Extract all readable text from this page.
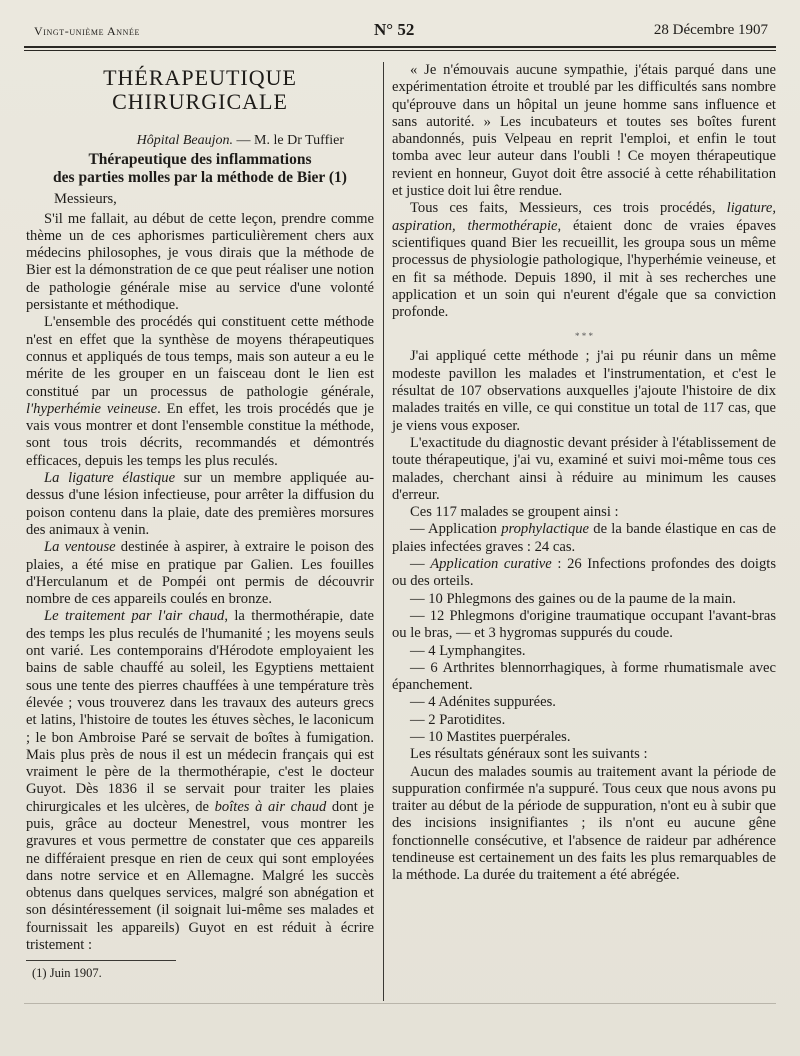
Vingt-unième Année	N° 52	28 Décembre 1907
THÉRAPEUTIQUE CHIRURGICALE
Hôpital Beaujon. — M. le Dr Tuffier
Thérapeutique des inflammations
des parties molles par la méthode de Bier (1)
Messieurs,

S'il me fallait, au début de cette leçon, prendre comme thème un de ces aphorismes particulièrement chers aux médecins philosophes, je vous dirais que la méthode de Bier est la démonstration de ce que peut réaliser une notion de pathologie générale mise au service d'une volonté persistante et méthodique.

L'ensemble des procédés qui constituent cette méthode n'est en effet que la synthèse de moyens thérapeutiques connus et appliqués de tous temps, mais son auteur a eu le mérite de les grouper en un faisceau dont le lien est constitué par un processus de pathologie générale, l'hyperhémie veineuse. En effet, les trois procédés que je vais vous montrer et dont l'ensemble constitue la méthode, sont tous trois décrits, recommandés et démontrés efficaces, depuis les temps les plus reculés.

La ligature élastique sur un membre appliquée au-dessus d'une lésion infectieuse, pour arrêter la diffusion du poison contenu dans la plaie, date des premières morsures des animaux à venin.

La ventouse destinée à aspirer, à extraire le poison des plaies, a été mise en pratique par Galien. Les fouilles d'Herculanum et de Pompéi ont permis de découvrir nombre de ces appareils coulés en bronze.

Le traitement par l'air chaud, la thermothérapie, date des temps les plus reculés de l'humanité ; les moyens seuls ont varié. Les contemporains d'Hérodote employaient les bains de sable chauffé au soleil, les Egyptiens mettaient sous une tente des pierres chauffées à une température très élevée ; vous trouverez dans les travaux des auteurs grecs et latins, l'histoire de toutes les étuves sèches, le laconicum ; le bon Ambroise Paré se servait de boîtes à fumigation. Mais plus près de nous il est un médecin français qui est vraiment le père de la thermothérapie, c'est le docteur Guyot. Dès 1836 il se servait pour traiter les plaies chirurgicales et les ulcères, de boîtes à air chaud dont je puis, grâce au docteur Menestrel, vous montrer les gravures et vous permettre de constater que ces appareils ne différaient presque en rien de ceux qui sont employées dans notre service et en Allemagne. Malgré les succès obtenus dans quelques services, malgré son abnégation et son désintéressement (il soignait lui-même ses malades et fournissait les appareils) Guyot en est réduit à écrire tristement :

(1) Juin 1907.

« Je n'émouvais aucune sympathie, j'étais parqué dans une expérimentation étroite et troublé par les difficultés sans nombre qu'éprouve dans un hôpital un jeune homme sans influence et sans autorité. » Les incubateurs et toutes ses boîtes furent abandonnés, puis Velpeau en reprit l'emploi, et enfin le tout tomba avec leur auteur dans l'oubli ! Ce moyen thérapeutique revient en honneur, Guyot doit être associé à cette réhabilitation et justice doit lui être rendue.

Tous ces faits, Messieurs, ces trois procédés, ligature, aspiration, thermothérapie, étaient donc de vraies épaves scientifiques quand Bier les recueillit, les groupa sous un même processus de physiologie pathologique, l'hyperhémie veineuse, et en fit sa méthode. Depuis 1890, il mit à ses recherches une application et un soin qui n'eurent d'égale que sa conviction profonde.

* * *

J'ai appliqué cette méthode ; j'ai pu réunir dans un même modeste pavillon les malades et l'instrumentation, et c'est le résultat de 107 observations auxquelles j'ajoute l'histoire de dix malades traités en ville, ce qui constitue un total de 117 cas, que je viens vous exposer.

L'exactitude du diagnostic devant présider à l'établissement de toute thérapeutique, j'ai vu, examiné et suivi moi-même tous ces malades, cherchant ainsi à réduire au minimum les causes d'erreur.

Ces 117 malades se groupent ainsi :

— Application prophylactique de la bande élastique en cas de plaies infectées graves : 24 cas.

— Application curative : 26 Infections profondes des doigts ou des orteils.

— 10 Phlegmons des gaines ou de la paume de la main.

— 12 Phlegmons d'origine traumatique occupant l'avant-bras ou le bras, — et 3 hygromas suppurés du coude.

— 4 Lymphangites.

— 6 Arthrites blennorrhagiques, à forme rhumatismale avec épanchement.

— 4 Adénites suppurées.

— 2 Parotidites.

— 10 Mastites puerpérales.

Les résultats généraux sont les suivants :

Aucun des malades soumis au traitement avant la période de suppuration confirmée n'a suppuré. Tous ceux que nous avons pu traiter au début de la période de suppuration, n'ont eu à subir que des incisions insignifiantes ; ils n'ont eu aucune gêne fonctionnelle consécutive, et l'absence de raideur par adhérence tendineuse est certainement un des faits les plus remarquables de la méthode. La durée du traitement a été abrégée.
